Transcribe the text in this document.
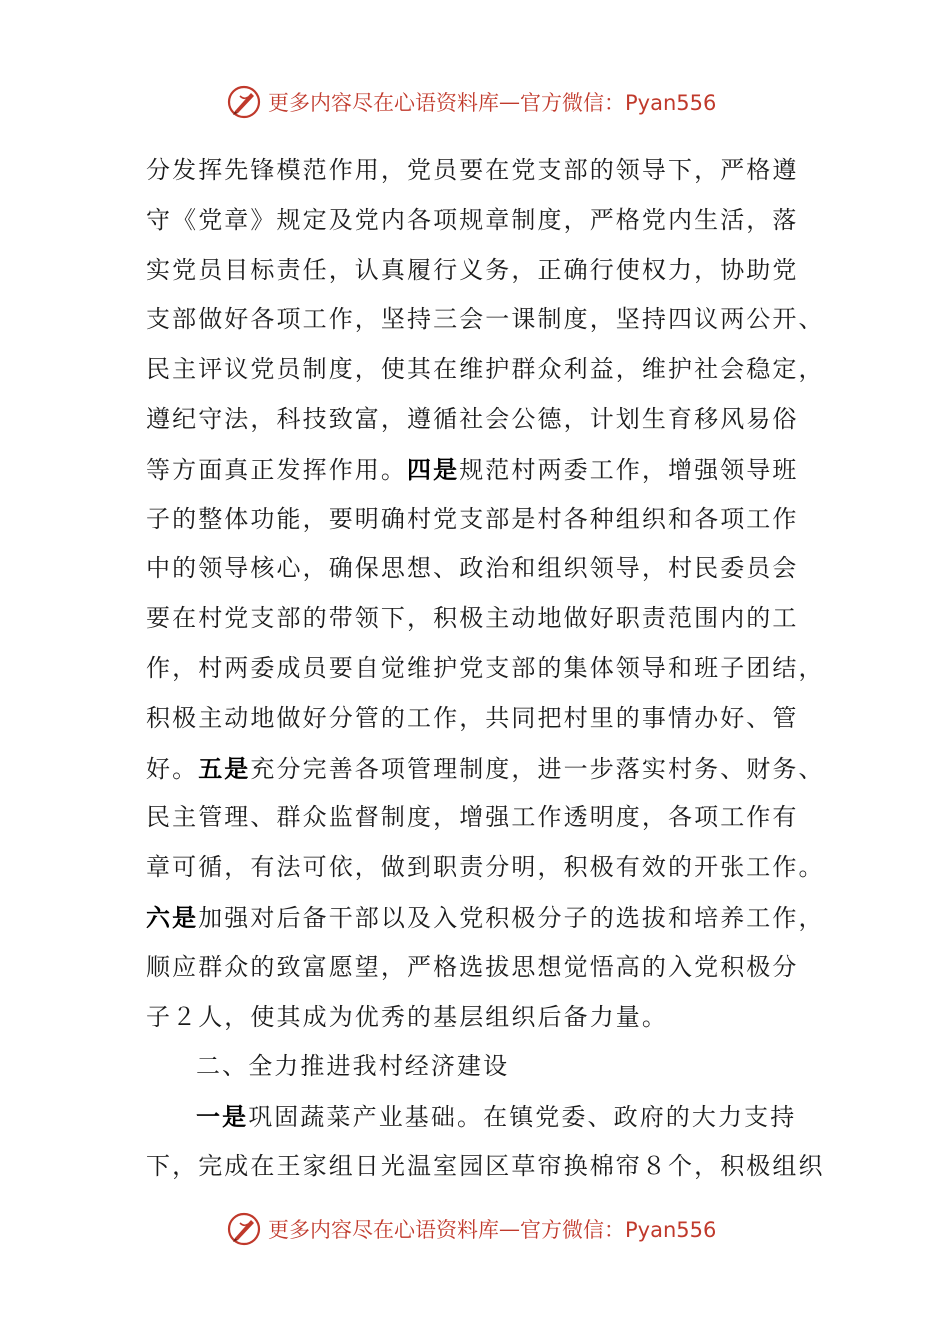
更多内容尽在心语资料库 — 官方微信：Pyan556
分发挥先锋模范作用，党员要在党支部的领导下，严格遵
守《党章》规定及党内各项规章制度，严格党内生活，落
实党员目标责任，认真履行义务，正确行使权力，协助党
支部做好各项工作，坚持三会一课制度，坚持四议两公开、
民主评议党员制度，使其在维护群众利益，维护社会稳定，
遵纪守法，科技致富，遵循社会公德，计划生育移风易俗
等方面真正发挥作用。四是规范村两委工作，增强领导班
子的整体功能，要明确村党支部是村各种组织和各项工作
中的领导核心，确保思想、政治和组织领导，村民委员会
要在村党支部的带领下，积极主动地做好职责范围内的工
作，村两委成员要自觉维护党支部的集体领导和班子团结，
积极主动地做好分管的工作，共同把村里的事情办好、管
好。五是充分完善各项管理制度，进一步落实村务、财务、
民主管理、群众监督制度，增强工作透明度，各项工作有
章可循，有法可依，做到职责分明，积极有效的开张工作。
六是加强对后备干部以及入党积极分子的选拔和培养工作，
顺应群众的致富愿望，严格选拔思想觉悟高的入党积极分
子２人，使其成为优秀的基层组织后备力量。
二、全力推进我村经济建设
一是巩固蔬菜产业基础。在镇党委、政府的大力支持
下，完成在王家组日光温室园区草帘换棉帘８个，积极组织
更多内容尽在心语资料库 — 官方微信：Pyan556
